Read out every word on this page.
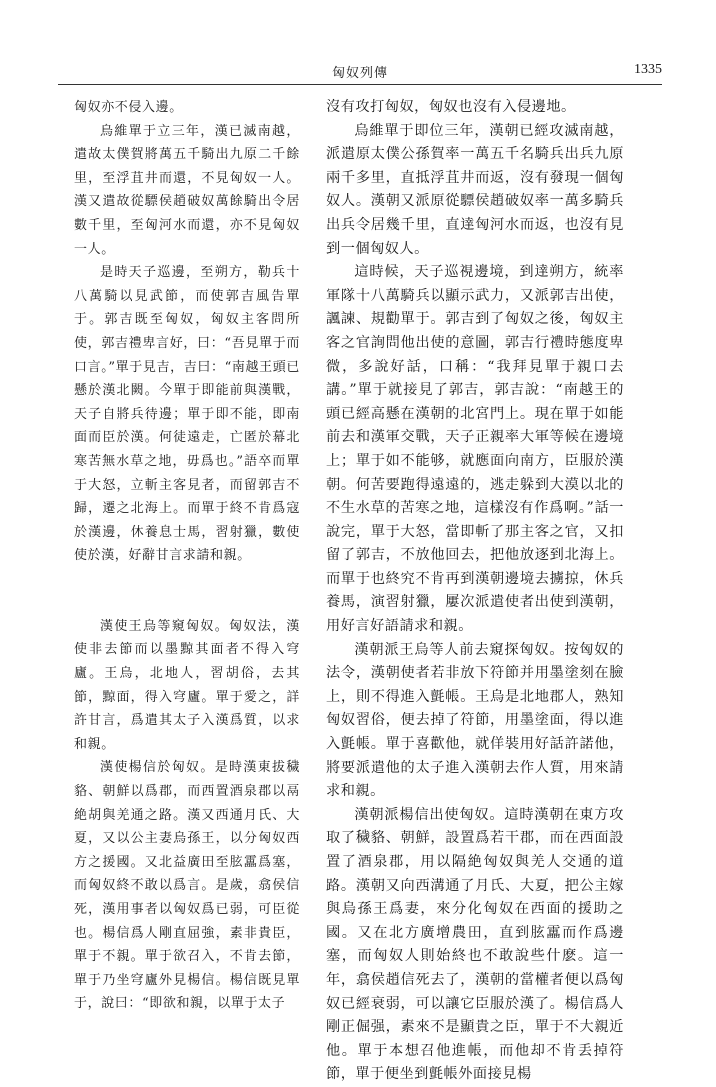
匈奴列傳	1335

匈奴亦不侵入邊。

烏維單于立三年，漢已滅南越，遣故太僕賀將萬五千騎出九原二千餘里，至浮苴井而還，不見匈奴一人。漢又遣故從驃侯趙破奴萬餘騎出令居數千里，至匈河水而還，亦不見匈奴一人。

是時天子巡邊，至朔方，勒兵十八萬騎以見武節，而使郭吉風告單于。郭吉既至匈奴，匈奴主客問所使，郭吉禮卑言好，曰：“吾見單于而口言。”單于見吉，吉曰：“南越王頭已懸於漢北闕。今單于即能前與漢戰，天子自將兵待邊；單于即不能，即南面而臣於漢。何徒遠走，亡匿於幕北寒苦無水草之地，毋爲也。”語卒而單于大怒，立斬主客見者，而留郭吉不歸，遷之北海上。而單于終不肯爲寇於漢邊，休養息士馬，習射獵，數使使於漢，好辭甘言求請和親。

漢使王烏等窺匈奴。匈奴法，漢使非去節而以墨黥其面者不得入穹廬。王烏，北地人，習胡俗，去其節，黥面，得入穹廬。單于愛之，詳許甘言，爲遣其太子入漢爲質，以求和親。

漢使楊信於匈奴。是時漢東拔穢貉、朝鮮以爲郡，而西置酒泉郡以鬲絶胡與羌通之路。漢又西通月氏、大夏，又以公主妻烏孫王，以分匈奴西方之援國。又北益廣田至胘靁爲塞，而匈奴終不敢以爲言。是歲，翕侯信死，漢用事者以匈奴爲已弱，可臣從也。楊信爲人剛直屈強，素非貴臣，單于不親。單于欲召入，不肯去節，單于乃坐穹廬外見楊信。楊信既見單于，說曰：“即欲和親，以單于太子

沒有攻打匈奴，匈奴也沒有入侵邊地。

烏維單于即位三年，漢朝已經攻滅南越，派遣原太僕公孫賀率一萬五千名騎兵出兵九原兩千多里，直抵浮苴井而返，沒有發現一個匈奴人。漢朝又派原從驃侯趙破奴率一萬多騎兵出兵令居幾千里，直達匈河水而返，也沒有見到一個匈奴人。

這時候，天子巡視邊境，到達朔方，統率軍隊十八萬騎兵以顯示武力，又派郭吉出使，諷諫、規勸單于。郭吉到了匈奴之後，匈奴主客之官詢問他出使的意圖，郭吉行禮時態度卑微，多說好話，口稱：“我拜見單于親口去講。”單于就接見了郭吉，郭吉說：“南越王的頭已經高懸在漢朝的北宮門上。現在單于如能前去和漢軍交戰，天子正親率大軍等候在邊境上；單于如不能够，就應面向南方，臣服於漢朝。何苦要跑得遠遠的，逃走躲到大漠以北的不生水草的苦寒之地，這樣沒有作爲啊。”話一說完，單于大怒，當即斬了那主客之官，又扣留了郭吉，不放他回去，把他放逐到北海上。而單于也終究不肯再到漢朝邊境去擄掠，休兵養馬，演習射獵，屢次派遣使者出使到漢朝，用好言好語請求和親。

漢朝派王烏等人前去窺探匈奴。按匈奴的法令，漢朝使者若非放下符節并用墨塗刻在臉上，則不得進入氈帳。王烏是北地郡人，熟知匈奴習俗，便去掉了符節，用墨塗面，得以進入氈帳。單于喜歡他，就佯裝用好話許諾他，將要派遣他的太子進入漢朝去作人質，用來請求和親。

漢朝派楊信出使匈奴。這時漢朝在東方攻取了穢貉、朝鮮，設置爲若干郡，而在西面設置了酒泉郡，用以隔絶匈奴與羌人交通的道路。漢朝又向西溝通了月氏、大夏，把公主嫁與烏孫王爲妻，來分化匈奴在西面的援助之國。又在北方廣增農田，直到胘靁而作爲邊塞，而匈奴人則始終也不敢說些什麽。這一年，翕侯趙信死去了，漢朝的當權者便以爲匈奴已經衰弱，可以讓它臣服於漢了。楊信爲人剛正倔强，素來不是顯貴之臣，單于不大親近他。單于本想召他進帳，而他却不肯丢掉符節，單于便坐到氈帳外面接見楊
